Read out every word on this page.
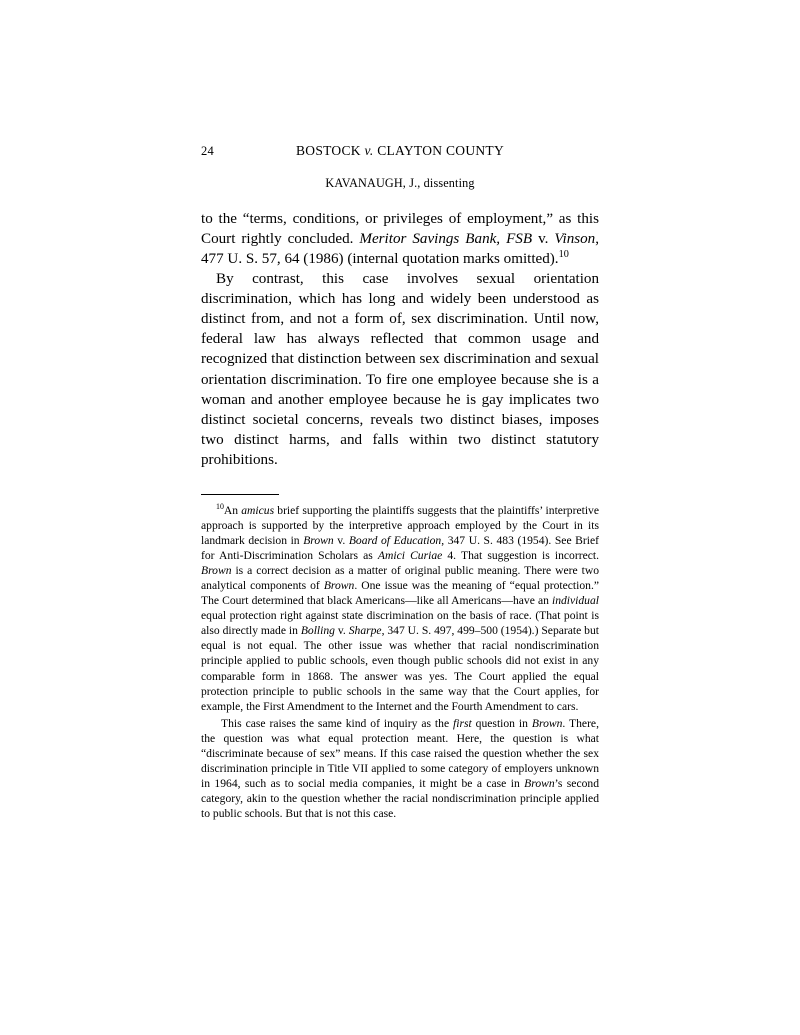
24	BOSTOCK v. CLAYTON COUNTY
KAVANAUGH, J., dissenting

to the “terms, conditions, or privileges of employment,” as this Court rightly concluded. Meritor Savings Bank, FSB v. Vinson, 477 U. S. 57, 64 (1986) (internal quotation marks omitted).$^{10}$

By contrast, this case involves sexual orientation discrimination, which has long and widely been understood as distinct from, and not a form of, sex discrimination. Until now, federal law has always reflected that common usage and recognized that distinction between sex discrimination and sexual orientation discrimination. To fire one employee because she is a woman and another employee because he is gay implicates two distinct societal concerns, reveals two distinct biases, imposes two distinct harms, and falls within two distinct statutory prohibitions.

$^{10}$An amicus brief supporting the plaintiffs suggests that the plaintiffs’ interpretive approach is supported by the interpretive approach employed by the Court in its landmark decision in Brown v. Board of Education, 347 U. S. 483 (1954). See Brief for Anti-Discrimination Scholars as Amici Curiae 4. That suggestion is incorrect. Brown is a correct decision as a matter of original public meaning. There were two analytical components of Brown. One issue was the meaning of “equal protection.” The Court determined that black Americans—like all Americans—have an individual equal protection right against state discrimination on the basis of race. (That point is also directly made in Bolling v. Sharpe, 347 U. S. 497, 499–500 (1954).) Separate but equal is not equal. The other issue was whether that racial nondiscrimination principle applied to public schools, even though public schools did not exist in any comparable form in 1868. The answer was yes. The Court applied the equal protection principle to public schools in the same way that the Court applies, for example, the First Amendment to the Internet and the Fourth Amendment to cars.

This case raises the same kind of inquiry as the first question in Brown. There, the question was what equal protection meant. Here, the question is what “discriminate because of sex” means. If this case raised the question whether the sex discrimination principle in Title VII applied to some category of employers unknown in 1964, such as to social media companies, it might be a case in Brown’s second category, akin to the question whether the racial nondiscrimination principle applied to public schools. But that is not this case.
